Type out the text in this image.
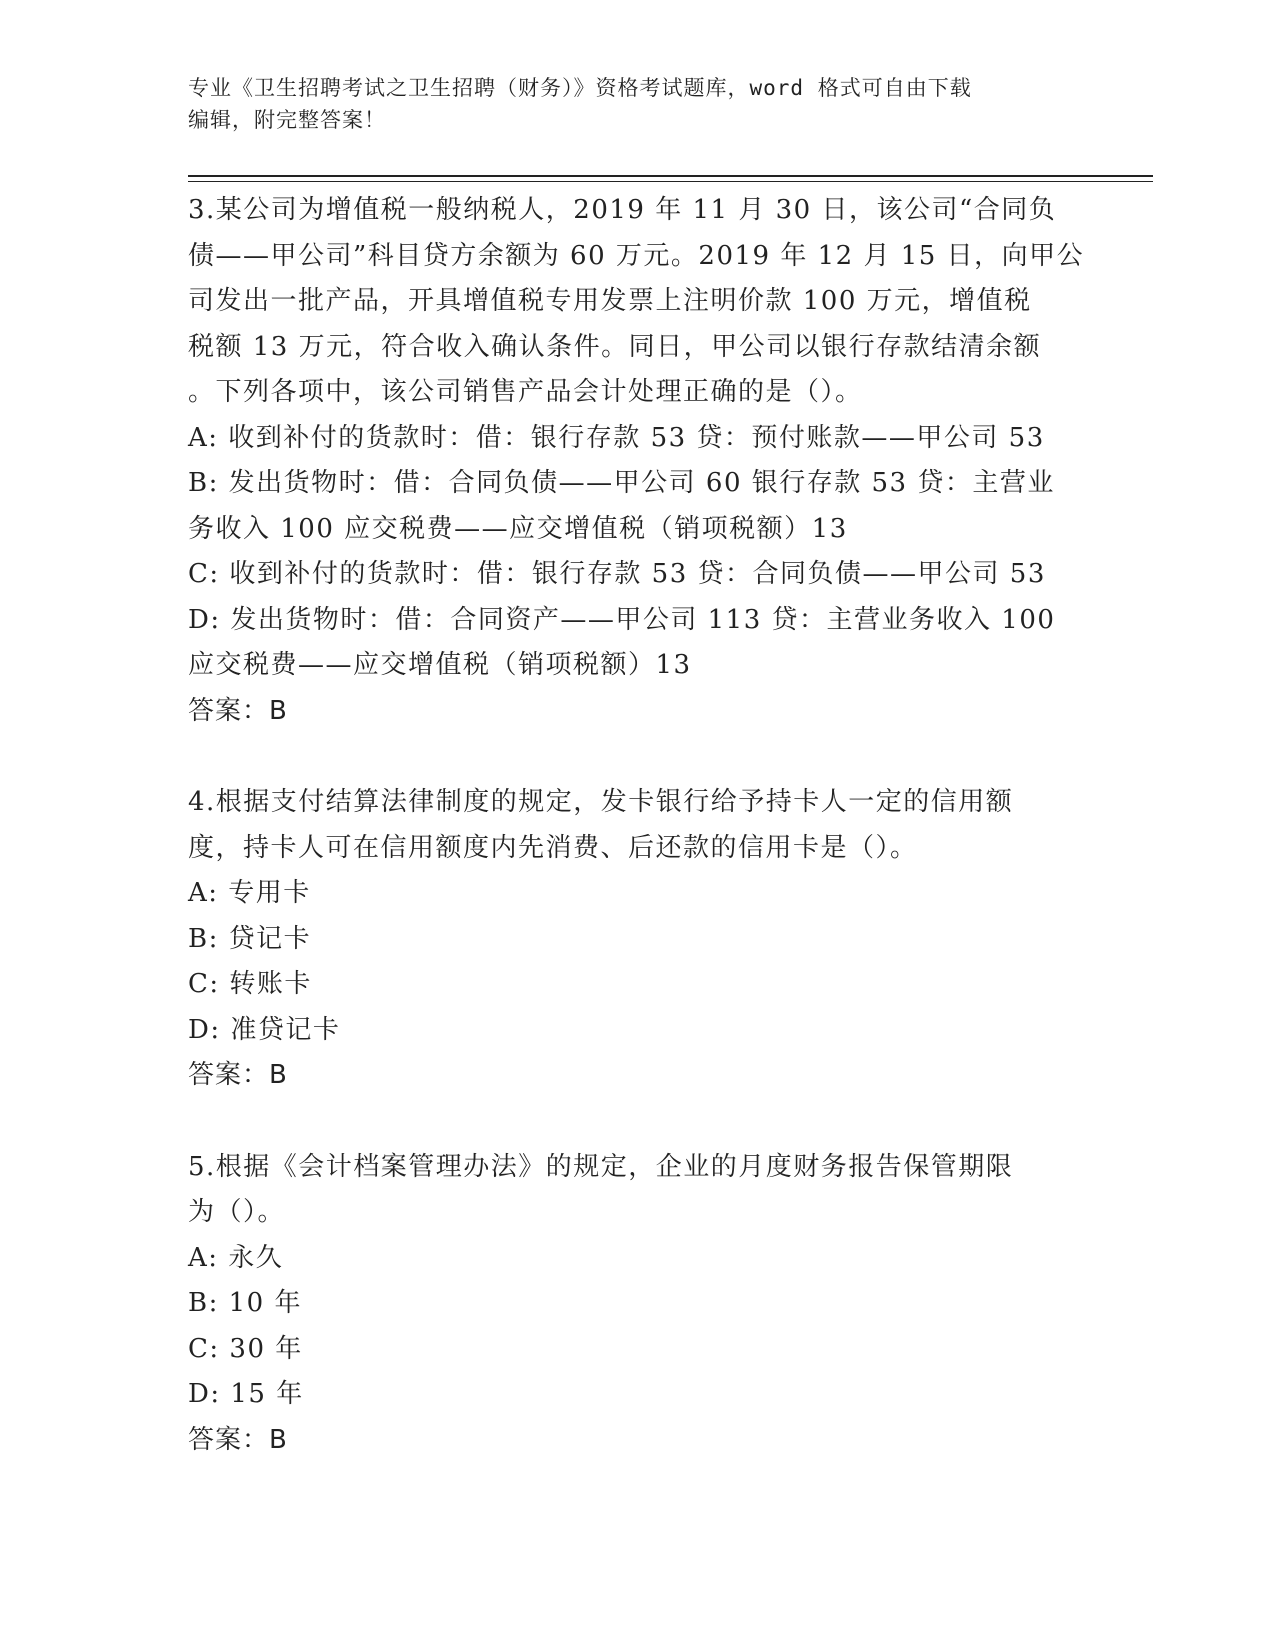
专业《卫生招聘考试之卫生招聘（财务）》资格考试题库，word 格式可自由下载
编辑，附完整答案！
3.某公司为增值税一般纳税人，2019 年 11 月 30 日，该公司“合同负
债——甲公司”科目贷方余额为 60 万元。2019 年 12 月 15 日，向甲公
司发出一批产品，开具增值税专用发票上注明价款 100 万元，增值税
税额 13 万元，符合收入确认条件。同日，甲公司以银行存款结清余额
。下列各项中，该公司销售产品会计处理正确的是（）。
A: 收到补付的货款时：借：银行存款 53 贷：预付账款——甲公司 53
B: 发出货物时：借：合同负债——甲公司 60 银行存款 53 贷：主营业
务收入 100 应交税费——应交增值税（销项税额）13
C: 收到补付的货款时：借：银行存款 53 贷：合同负债——甲公司 53
D: 发出货物时：借：合同资产——甲公司 113 贷：主营业务收入 100
应交税费——应交增值税（销项税额）13
答案：B
4.根据支付结算法律制度的规定，发卡银行给予持卡人一定的信用额
度，持卡人可在信用额度内先消费、后还款的信用卡是（）。
A: 专用卡
B: 贷记卡
C: 转账卡
D: 准贷记卡
答案：B
5.根据《会计档案管理办法》的规定，企业的月度财务报告保管期限
为（）。
A: 永久
B: 10 年
C: 30 年
D: 15 年
答案：B
